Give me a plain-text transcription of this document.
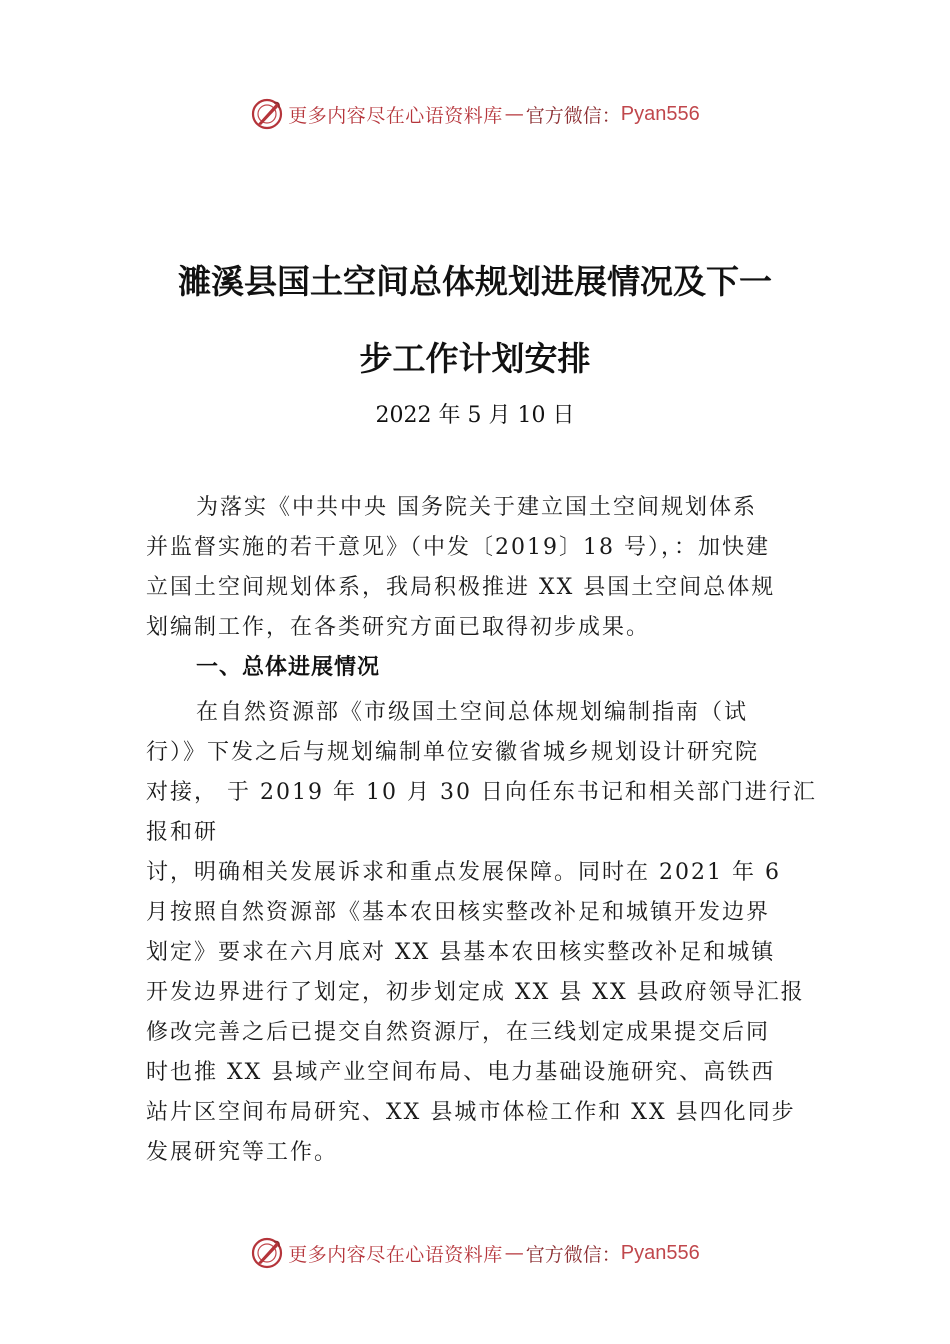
更多内容尽在心语资料库 — 官方微信： Pyan556
濉溪县国土空间总体规划进展情况及下一
步工作计划安排
2022 年 5 月 10 日
为落实《中共中央 国务院关于建立国土空间规划体系
并监督实施的若干意见》（中发〔2019〕18 号），：加快建
立国土空间规划体系，我局积极推进 XX 县国土空间总体规
划编制工作，在各类研究方面已取得初步成果。
一、总体进展情况
在自然资源部《市级国土空间总体规划编制指南（试
行）》下发之后与规划编制单位安徽省城乡规划设计研究院
对接， 于 2019 年 10 月 30 日向任东书记和相关部门进行汇
报和研
讨，明确相关发展诉求和重点发展保障。同时在 2021 年 6
月按照自然资源部《基本农田核实整改补足和城镇开发边界
划定》要求在六月底对 XX 县基本农田核实整改补足和城镇
开发边界进行了划定，初步划定成 XX 县 XX 县政府领导汇报
修改完善之后已提交自然资源厅，在三线划定成果提交后同
时也推 XX 县域产业空间布局、电力基础设施研究、高铁西
站片区空间布局研究、XX 县城市体检工作和 XX 县四化同步
发展研究等工作。
更多内容尽在心语资料库 — 官方微信： Pyan556
